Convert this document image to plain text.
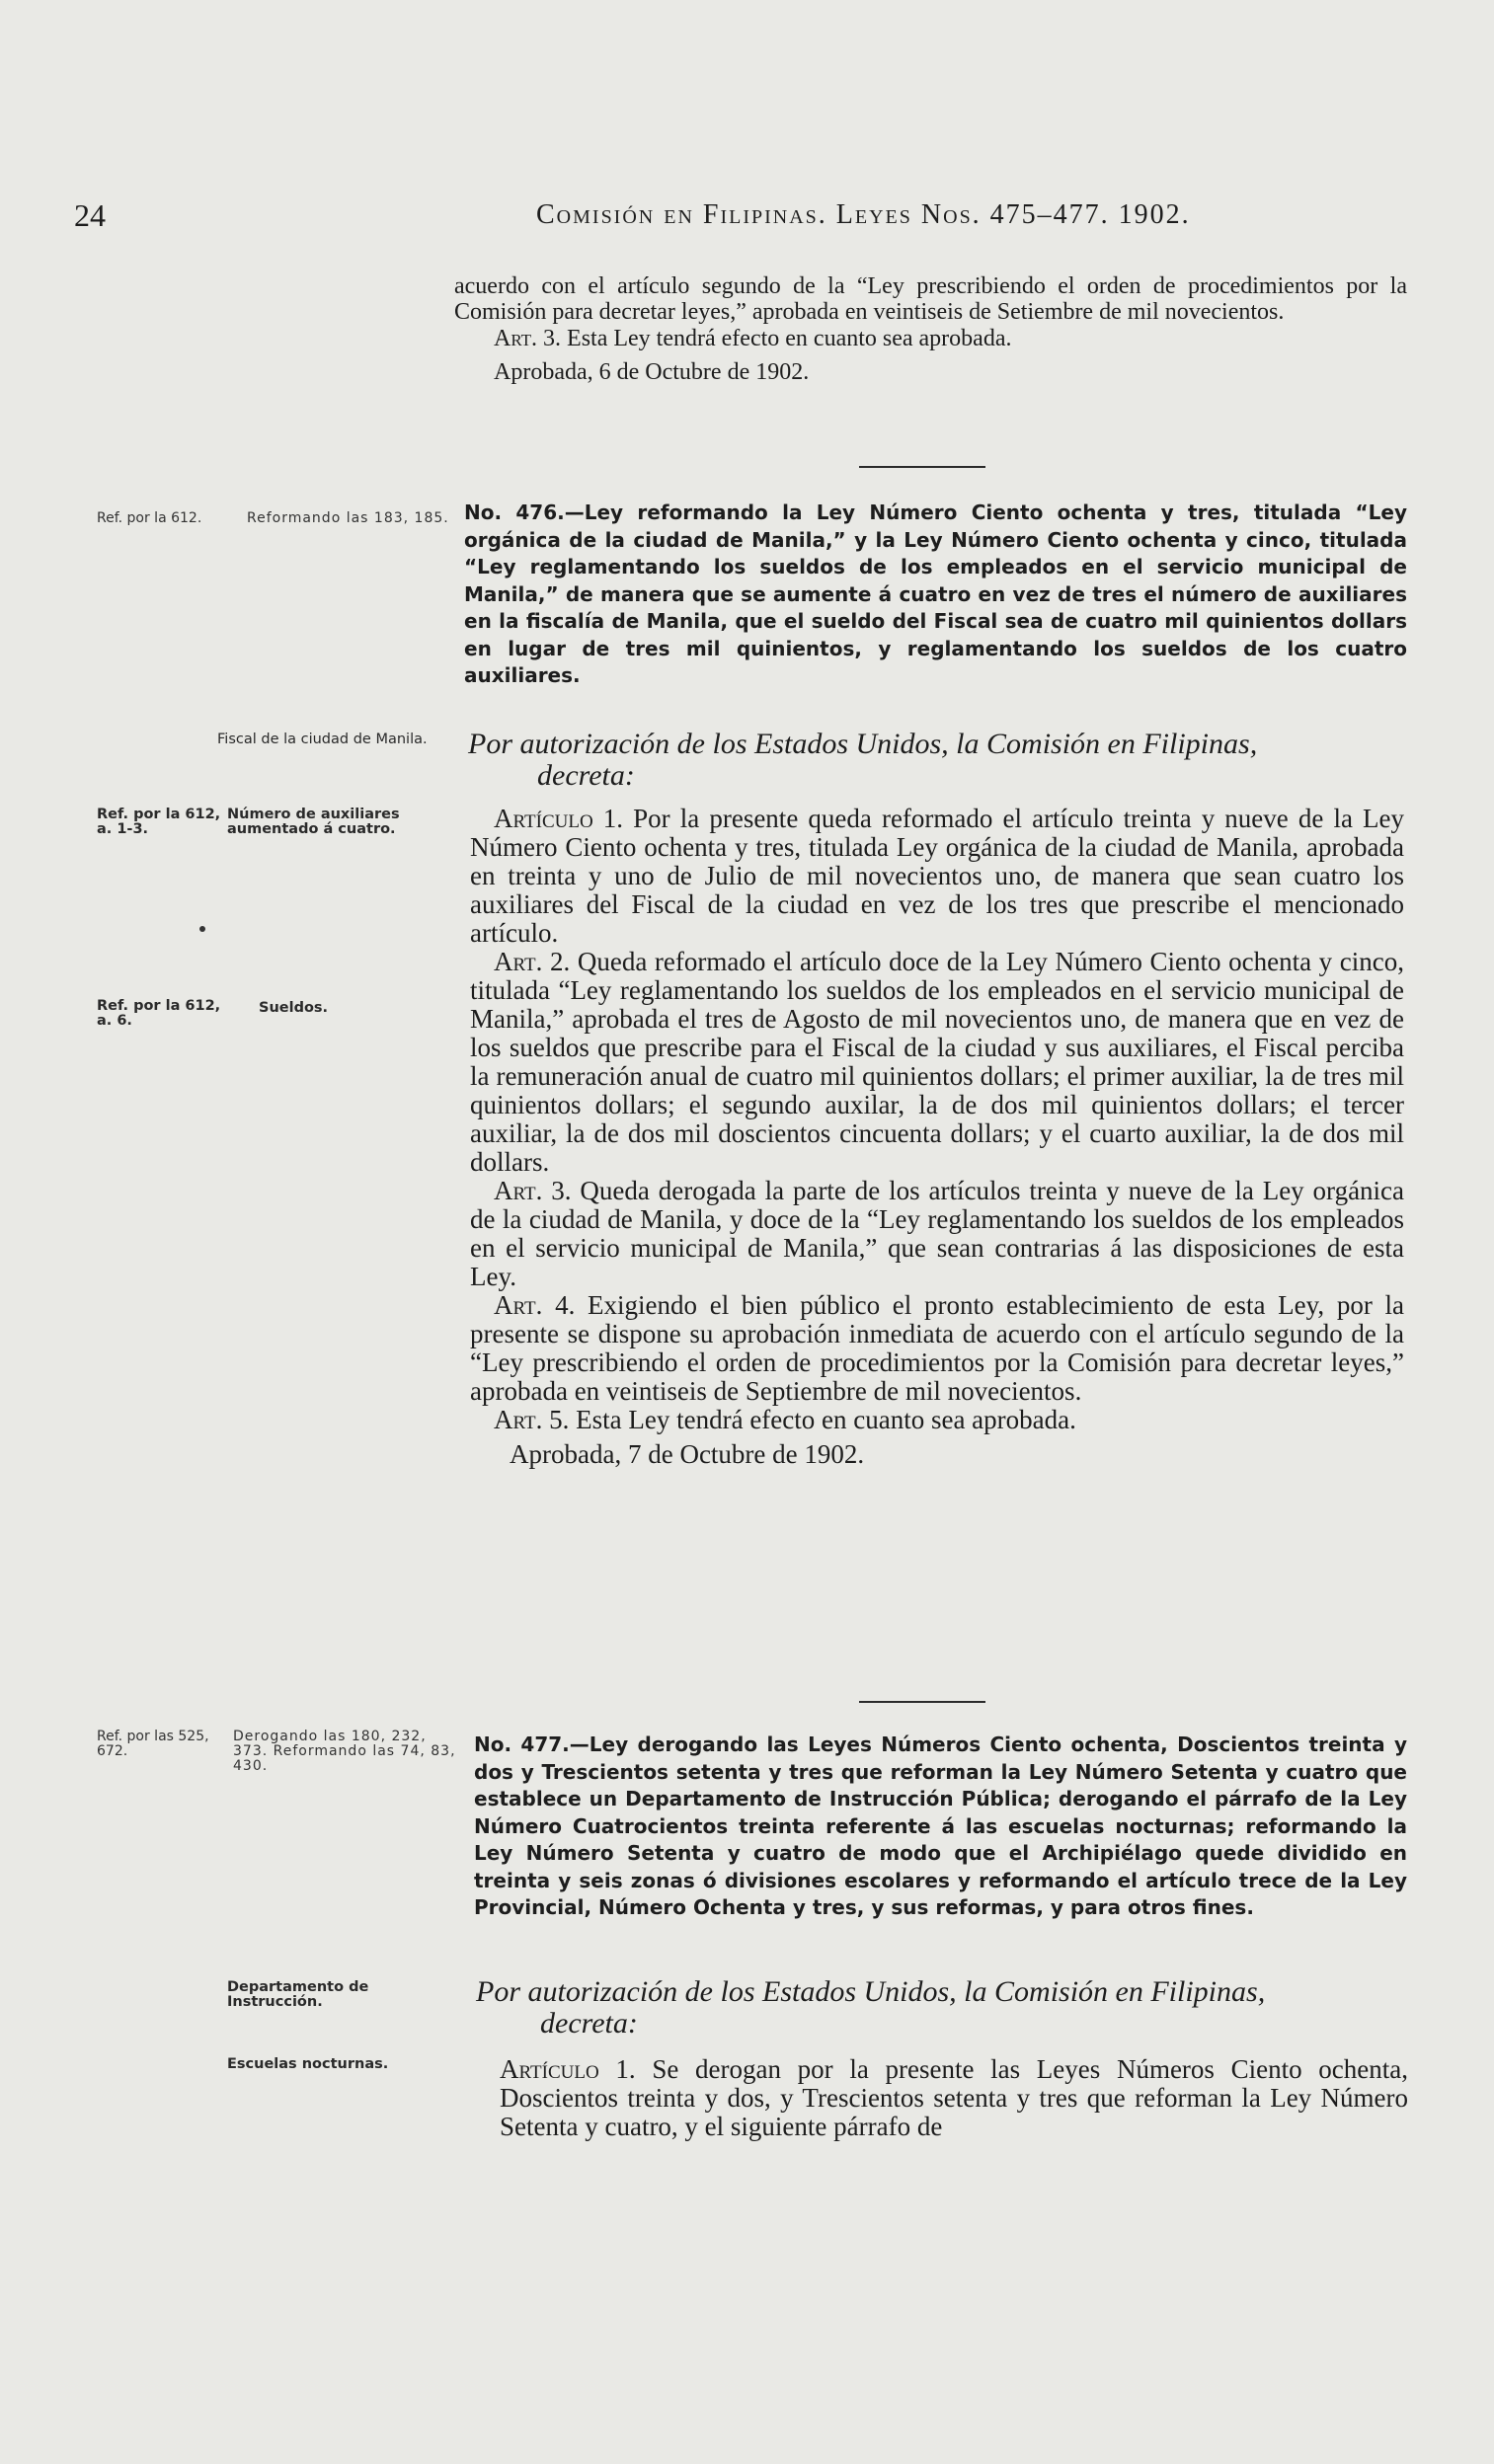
24	Comisión en Filipinas. Leyes Nos. 475–477. 1902.

acuerdo con el artículo segundo de la “Ley prescribiendo el orden de procedimientos por la Comisión para decretar leyes,” aprobada en veintiseis de Setiembre de mil novecientos.

Art. 3. Esta Ley tendrá efecto en cuanto sea aprobada.

Aprobada, 6 de Octubre de 1902.

Ref. por la 612.	Reformando las 183, 185. No. 476.—Ley reformando la Ley Número Ciento ochenta y tres, titulada “Ley orgánica de la ciudad de Manila,” y la Ley Número Ciento ochenta y cinco, titulada “Ley reglamentando los sueldos de los empleados en el servicio municipal de Manila,” de manera que se aumente á cuatro en vez de tres el número de auxiliares en la fiscalía de Manila, que el sueldo del Fiscal sea de cuatro mil quinientos dollars en lugar de tres mil quinientos, y reglamentando los sueldos de los cuatro auxiliares.
Fiscal de la ciudad de Manila.	Por autorización de los Estados Unidos, la Comisión en Filipinas,
decreta:
Ref. por la 612, a. 1-3.
Número de auxiliares aumentado á cuatro.
Ref. por la 612, a. 6.
Sueldos.

Artículo 1. Por la presente queda reformado el artículo treinta y nueve de la Ley Número Ciento ochenta y tres, titulada Ley orgánica de la ciudad de Manila, aprobada en treinta y uno de Julio de mil novecientos uno, de manera que sean cuatro los auxiliares del Fiscal de la ciudad en vez de los tres que prescribe el mencionado artículo.

Art. 2. Queda reformado el artículo doce de la Ley Número Ciento ochenta y cinco, titulada “Ley reglamentando los sueldos de los empleados en el servicio municipal de Manila,” aprobada el tres de Agosto de mil novecientos uno, de manera que en vez de los sueldos que prescribe para el Fiscal de la ciudad y sus auxiliares, el Fiscal perciba la remuneración anual de cuatro mil quinientos dollars; el primer auxiliar, la de tres mil quinientos dollars; el segundo auxilar, la de dos mil quinientos dollars; el tercer auxiliar, la de dos mil doscientos cincuenta dollars; y el cuarto auxiliar, la de dos mil dollars.

Art. 3. Queda derogada la parte de los artículos treinta y nueve de la Ley orgánica de la ciudad de Manila, y doce de la “Ley reglamentando los sueldos de los empleados en el servicio municipal de Manila,” que sean contrarias á las disposiciones de esta Ley.

Art. 4. Exigiendo el bien público el pronto establecimiento de esta Ley, por la presente se dispone su aprobación inmediata de acuerdo con el artículo segundo de la “Ley prescribiendo el orden de procedimientos por la Comisión para decretar leyes,” aprobada en veintiseis de Septiembre de mil novecientos.

Art. 5. Esta Ley tendrá efecto en cuanto sea aprobada.

Aprobada, 7 de Octubre de 1902.

Ref. por las 525, 672.
Derogando las 180, 232, 373. Reformando las 74, 83, 430.
No. 477.—Ley derogando las Leyes Números Ciento ochenta, Doscientos treinta y dos y Trescientos setenta y tres que reforman la Ley Número Setenta y cuatro que establece un Departamento de Instrucción Pública; derogando el párrafo de la Ley Número Cuatrocientos treinta referente á las escuelas nocturnas; reformando la Ley Número Setenta y cuatro de modo que el Archipiélago quede dividido en treinta y seis zonas ó divisiones escolares y reformando el artículo trece de la Ley Provincial, Número Ochenta y tres, y sus reformas, y para otros fines.
Departamento de Instrucción.	Por autorización de los Estados Unidos, la Comisión en Filipinas,
decreta:
Escuelas nocturnas.	Artículo 1. Se derogan por la presente las Leyes Números Ciento ochenta, Doscientos treinta y dos, y Trescientos setenta y tres que reforman la Ley Número Setenta y cuatro, y el siguiente párrafo de
